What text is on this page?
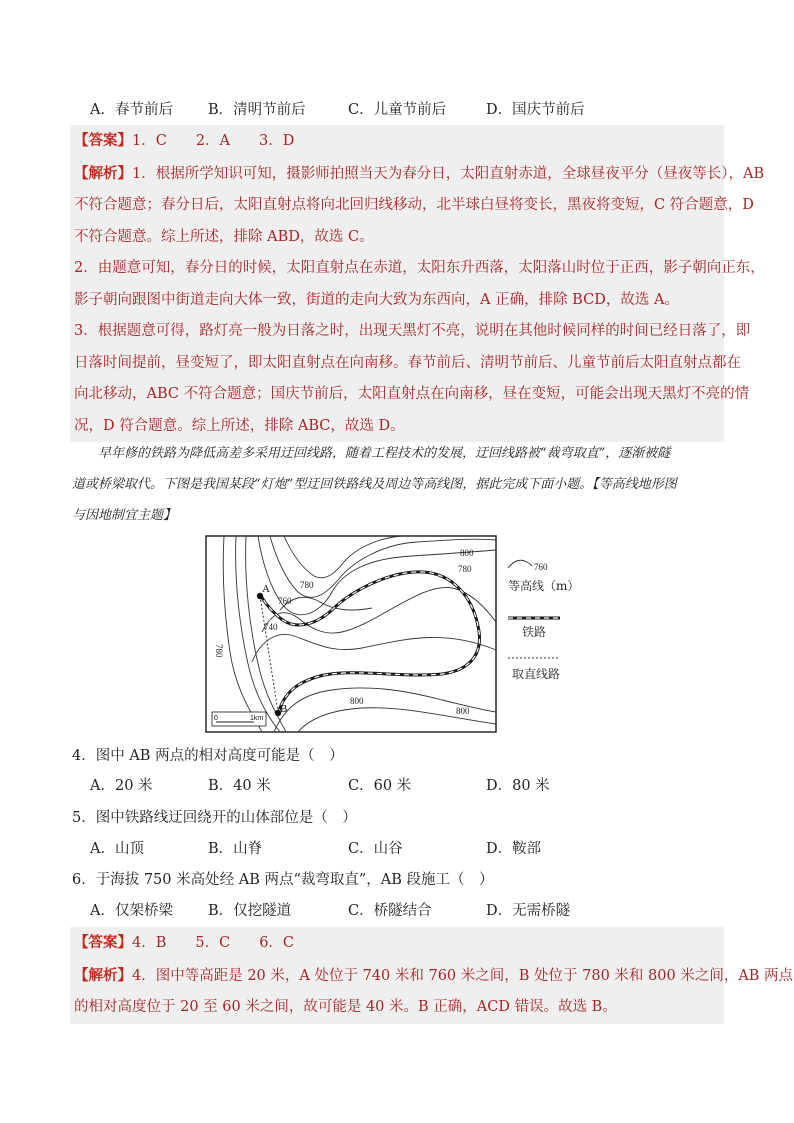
A．春节前后 B．清明节前后	C．儿童节前后	D．国庆节前后

【答案】1．C　　2．A　　3．D

【解析】1．根据所学知识可知，摄影师拍照当天为春分日，太阳直射赤道，全球昼夜平分（昼夜等长），AB

不符合题意；春分日后，太阳直射点将向北回归线移动，北半球白昼将变长，黑夜将变短，C 符合题意，D

不符合题意。综上所述，排除 ABD，故选 C。

2．由题意可知，春分日的时候，太阳直射点在赤道，太阳东升西落，太阳落山时位于正西，影子朝向正东，

影子朝向跟图中街道走向大体一致，街道的走向大致为东西向，A 正确，排除 BCD，故选 A。

3．根据题意可得，路灯亮一般为日落之时，出现天黑灯不亮，说明在其他时候同样的时间已经日落了，即

日落时间提前，昼变短了，即太阳直射点在向南移。春节前后、清明节前后、儿童节前后太阳直射点都在

向北移动，ABC 不符合题意；国庆节前后，太阳直射点在向南移，昼在变短，可能会出现天黑灯不亮的情

况，D 符合题意。综上所述，排除 ABC，故选 D。

　　早年修的铁路为降低高差多采用迂回线路，随着工程技术的发展，迂回线路被“裁弯取直”，逐渐被隧

道或桥梁取代。下图是我国某段“灯炮”型迂回铁路线及周边等高线图，据此完成下面小题。【等高线地形图

与因地制宜主题】

A
B
800
780
760
780
740
780
800
800
0	1km
760
等高线（m）
铁路
取直线路
4．图中 AB 两点的相对高度可能是（　）
A．20 米	B．40 米	C．60 米	D．80 米
5．图中铁路线迂回绕开的山体部位是（　）
A．山顶	B．山脊	C．山谷	D．鞍部
6．于海拔 750 米高处经 AB 两点“裁弯取直”，AB 段施工（　）
A．仅架桥梁 B．仅挖隧道	C．桥隧结合	D．无需桥隧

【答案】4．B　　5．C　　6．C

【解析】4．图中等高距是 20 米，A 处位于 740 米和 760 米之间，B 处位于 780 米和 800 米之间，AB 两点

的相对高度位于 20 至 60 米之间，故可能是 40 米。B 正确，ACD 错误。故选 B。
